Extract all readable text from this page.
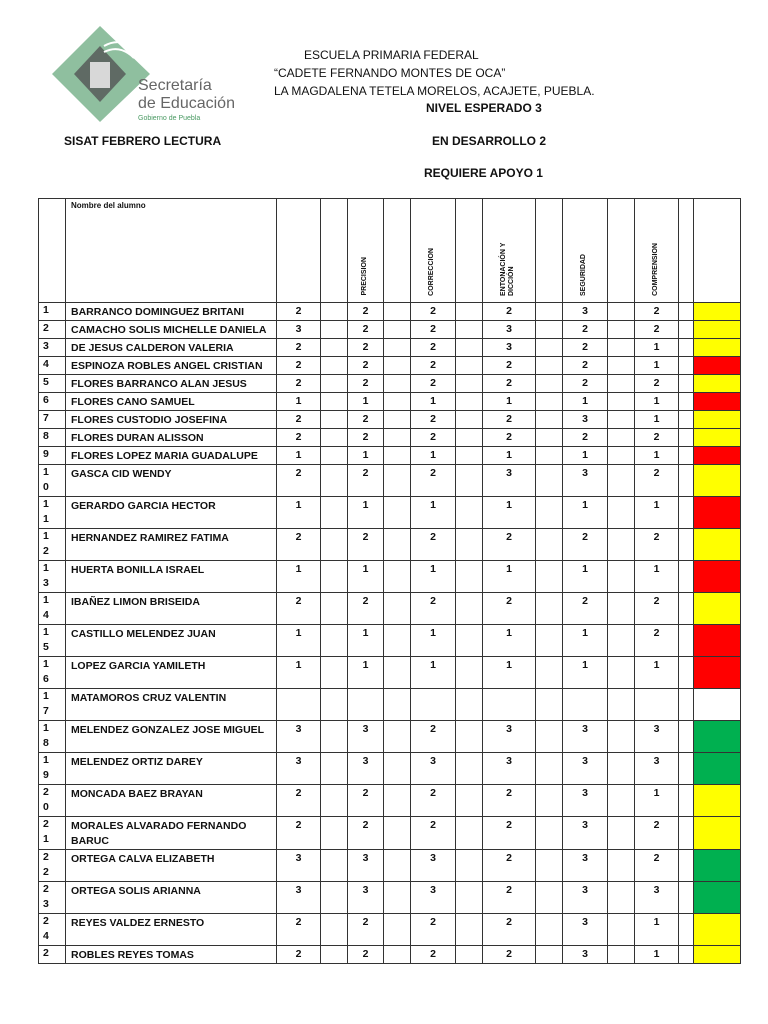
Secretaría
de Educación
Gobierno de Puebla
ESCUELA PRIMARIA FEDERAL
“CADETE FERNANDO MONTES DE OCA”
LA MAGDALENA TETELA MORELOS, ACAJETE, PUEBLA.
NIVEL ESPERADO 3
SISAT FEBRERO LECTURA	EN DESARROLLO 2
REQUIERE APOYO 1

	Nombre del alumno			PRECISION		CORRECCION		ENTONACIÓN Y DICCIÓN		SEGURIDAD		COMPRENSION		

1	BARRANCO DOMINGUEZ BRITANI	2		2		2		2		3		2		
2	CAMACHO SOLIS MICHELLE DANIELA	3		2		2		3		2		2		
3	DE JESUS CALDERON VALERIA	2		2		2		3		2		1		
4	ESPINOZA ROBLES ANGEL CRISTIAN	2		2		2		2		2		1		
5	FLORES BARRANCO ALAN JESUS	2		2		2		2		2		2		
6	FLORES CANO SAMUEL	1		1		1		1		1		1		
7	FLORES CUSTODIO JOSEFINA	2		2		2		2		3		1		
8	FLORES DURAN ALISSON	2		2		2		2		2		2		
9	FLORES LOPEZ MARIA GUADALUPE	1		1		1		1		1		1		
1
0	GASCA CID WENDY	2		2		2		3		3		2		
1
1	GERARDO GARCIA HECTOR	1		1		1		1		1		1		
1
2	HERNANDEZ RAMIREZ FATIMA	2		2		2		2		2		2		
1
3	HUERTA BONILLA ISRAEL	1		1		1		1		1		1		
1
4	IBAÑEZ LIMON BRISEIDA	2		2		2		2		2		2		
1
5	CASTILLO MELENDEZ JUAN	1		1		1		1		1		2		
1
6	LOPEZ GARCIA YAMILETH	1		1		1		1		1		1		
1
7	MATAMOROS CRUZ VALENTIN													
1
8	MELENDEZ GONZALEZ JOSE MIGUEL	3		3		2		3		3		3		
1
9	MELENDEZ ORTIZ DAREY	3		3		3		3		3		3		
2
0	MONCADA BAEZ BRAYAN	2		2		2		2		3		1		
2
1	MORALES ALVARADO FERNANDO BARUC	2		2		2		2		3		2		
2
2	ORTEGA CALVA ELIZABETH	3		3		3		2		3		2		
2
3	ORTEGA SOLIS ARIANNA	3		3		3		2		3		3		
2
4	REYES VALDEZ ERNESTO	2		2		2		2		3		1		
2	ROBLES REYES TOMAS	2		2		2		2		3		1		
